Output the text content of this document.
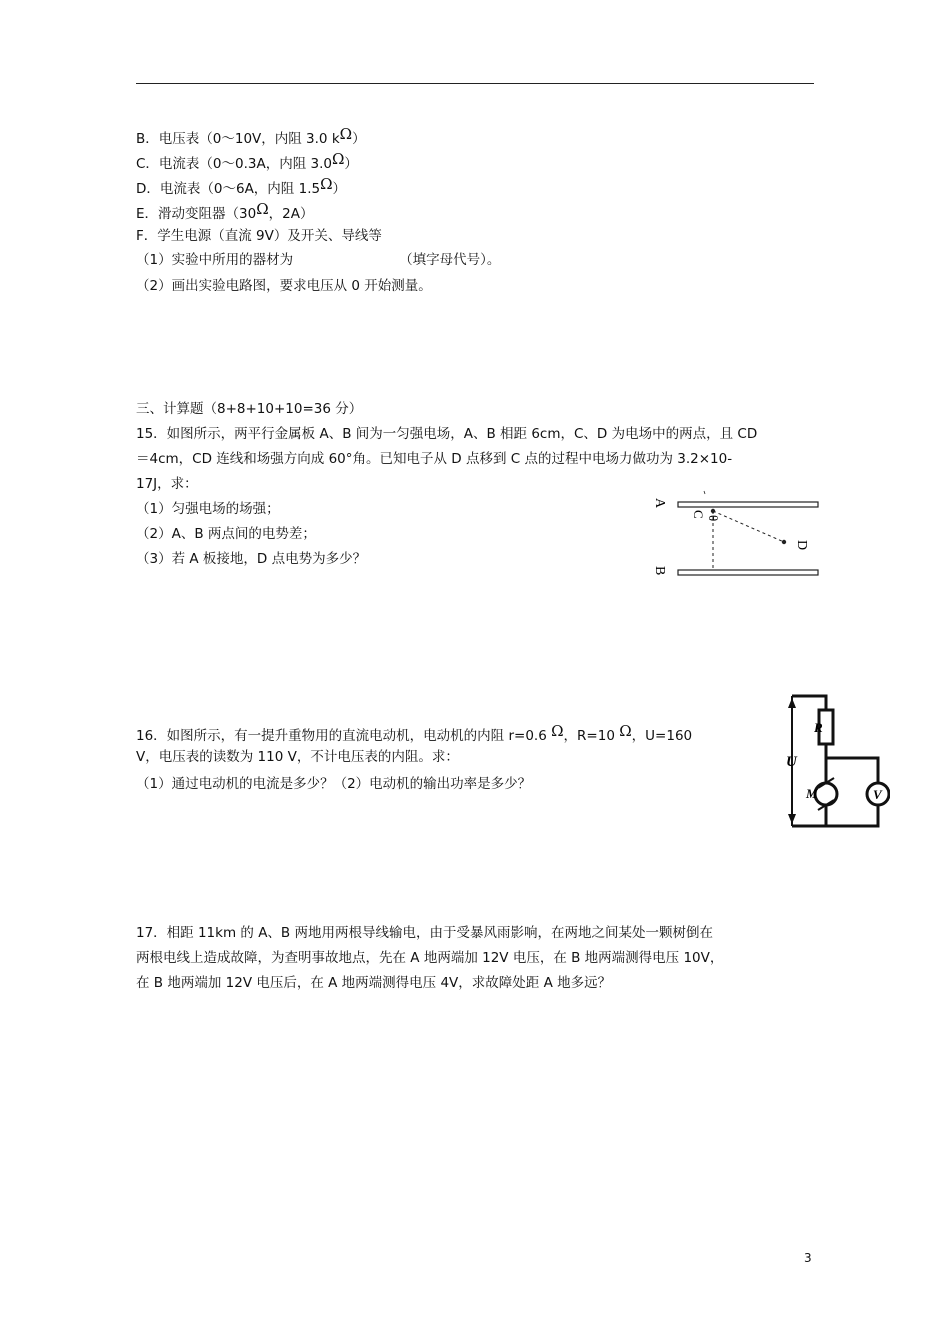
B．电压表（0～10V，内阻 3.0 kΩ）
C．电流表（0～0.3A，内阻 3.0Ω）
D．电流表（0～6A，内阻 1.5Ω）
E．滑动变阻器（30Ω，2A）
F．学生电源（直流 9V）及开关、导线等
（1）实验中所用的器材为	（填字母代号）。
（2）画出实验电路图，要求电压从 0 开始测量。
三、计算题（8+8+10+10=36 分）
15．如图所示，两平行金属板 A、B 间为一匀强电场，A、B 相距 6cm，C、D 为电场中的两点，且 CD
＝4cm，CD 连线和场强方向成 60°角。已知电子从 D 点移到 C 点的过程中电场力做功为 3.2×10-
17J，求：
（1）匀强电场的场强；
（2）A、B 两点间的电势差；
（3）若 A 板接地，D 点电势为多少？
A
B
C θ
D
16．如图所示，有一提升重物用的直流电动机，电动机的内阻 r=0.6 Ω，R=10 Ω，U=160
V，电压表的读数为 110 V，不计电压表的内阻。求：
（1）通过电动机的电流是多少？（2）电动机的输出功率是多少？
R
U
M	V
17．相距 11km 的 A、B 两地用两根导线输电，由于受暴风雨影响，在两地之间某处一颗树倒在
两根电线上造成故障，为查明事故地点，先在 A 地两端加 12V 电压，在 B 地两端测得电压 10V，
在 B 地两端加 12V 电压后，在 A 地两端测得电压 4V，求故障处距 A 地多远？
3
